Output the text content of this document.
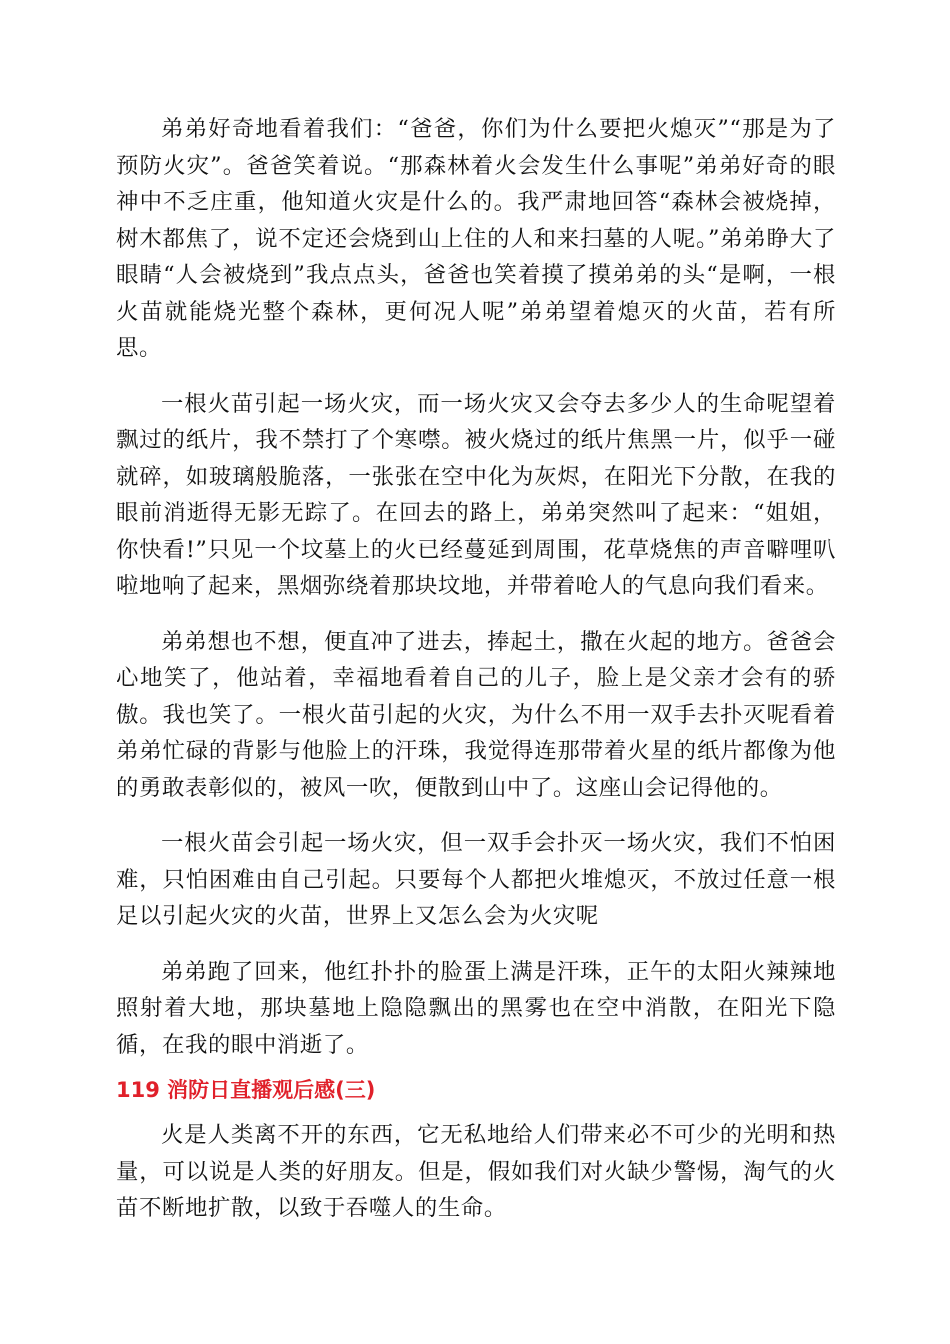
弟弟好奇地看着我们：“爸爸，你们为什么要把火熄灭”“那是为了预防火灾”。爸爸笑着说。“那森林着火会发生什么事呢”弟弟好奇的眼神中不乏庄重，他知道火灾是什么的。我严肃地回答“森林会被烧掉，树木都焦了，说不定还会烧到山上住的人和来扫墓的人呢。”弟弟睁大了眼睛“人会被烧到”我点点头，爸爸也笑着摸了摸弟弟的头“是啊，一根火苗就能烧光整个森林，更何况人呢”弟弟望着熄灭的火苗，若有所思。

一根火苗引起一场火灾，而一场火灾又会夺去多少人的生命呢望着飘过的纸片，我不禁打了个寒噤。被火烧过的纸片焦黑一片，似乎一碰就碎，如玻璃般脆落，一张张在空中化为灰烬，在阳光下分散，在我的眼前消逝得无影无踪了。在回去的路上，弟弟突然叫了起来：“姐姐，你快看!”只见一个坟墓上的火已经蔓延到周围，花草烧焦的声音噼哩叭啦地响了起来，黑烟弥绕着那块坟地，并带着呛人的气息向我们看来。

弟弟想也不想，便直冲了进去，捧起土，撒在火起的地方。爸爸会心地笑了，他站着，幸福地看着自己的儿子，脸上是父亲才会有的骄傲。我也笑了。一根火苗引起的火灾，为什么不用一双手去扑灭呢看着弟弟忙碌的背影与他脸上的汗珠，我觉得连那带着火星的纸片都像为他的勇敢表彰似的，被风一吹，便散到山中了。这座山会记得他的。

一根火苗会引起一场火灾，但一双手会扑灭一场火灾，我们不怕困难，只怕困难由自己引起。只要每个人都把火堆熄灭，不放过任意一根足以引起火灾的火苗，世界上又怎么会为火灾呢

弟弟跑了回来，他红扑扑的脸蛋上满是汗珠，正午的太阳火辣辣地照射着大地，那块墓地上隐隐飘出的黑雾也在空中消散，在阳光下隐循，在我的眼中消逝了。

119 消防日直播观后感(三)

火是人类离不开的东西，它无私地给人们带来必不可少的光明和热量，可以说是人类的好朋友。但是，假如我们对火缺少警惕，淘气的火苗不断地扩散，以致于吞噬人的生命。
